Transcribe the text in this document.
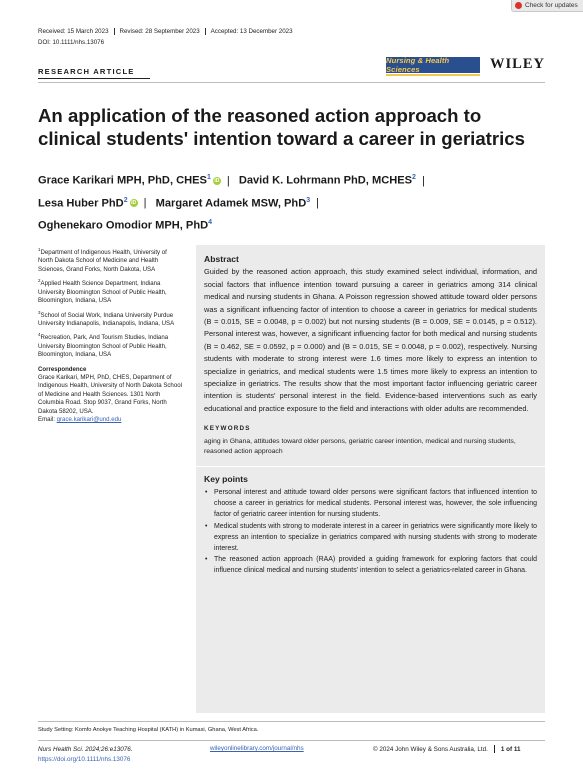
Check for updates
Received: 15 March 2023	Revised: 28 September 2023	Accepted: 13 December 2023
DOI: 10.1111/nhs.13076
RESEARCH ARTICLE
Nursing & Health Sciences	WILEY
An application of the reasoned action approach to clinical students' intention toward a career in geriatrics
Grace Karikari MPH, PhD, CHES$^1$ iD | David K. Lohrmann PhD, MCHES$^2$ |
Lesa Huber PhD$^2$ iD | Margaret Adamek MSW, PhD$^3$ |
Oghenekaro Omodior MPH, PhD$^4$
$^1$Department of Indigenous Health, University of North Dakota School of Medicine and Health Sciences, Grand Forks, North Dakota, USA
$^2$Applied Health Science Department, Indiana University Bloomington School of Public Health, Bloomington, Indiana, USA
$^3$School of Social Work, Indiana University Purdue University Indianapolis, Indianapolis, Indiana, USA
$^4$Recreation, Park, And Tourism Studies, Indiana University Bloomington School of Public Health, Bloomington, Indiana, USA
Correspondence
Grace Karikari, MPH, PhD, CHES, Department of Indigenous Health, University of North Dakota School of Medicine and Health Sciences. 1301 North Columbia Road. Stop 9037, Grand Forks, North Dakota 58202, USA.
Email: grace.karikari@und.edu
Abstract

Guided by the reasoned action approach, this study examined select individual, information, and social factors that influence intention toward pursuing a career in geriatrics among 314 clinical medical and nursing students in Ghana. A Poisson regression showed attitude toward older persons was a significant influencing factor of intention to choose a career in geriatrics for medical students (B = 0.015, SE = 0.0048, p = 0.002) but not nursing students (B = 0.009, SE = 0.0145, p = 0.512). Personal interest was, however, a significant influencing factor for both medical and nursing students (B = 0.462, SE = 0.0592, p = 0.000) and (B = 0.015, SE = 0.0048, p = 0.002), respectively. Nursing students with moderate to strong interest were 1.6 times more likely to express an intention to specialize in geriatrics, and medical students were 1.5 times more likely to express an intention to specialize in geriatrics. The results show that the most important factor influencing geriatric career intention is students' personal interest in the field. Evidence-based interventions such as early educational and practice exposure to the field and interactions with older adults are recommended.

KEYWORDS
aging in Ghana, attitudes toward older persons, geriatric career intention, medical and nursing students, reasoned action approach
Key points
• Personal interest and attitude toward older persons were significant factors that influenced intention to choose a career in geriatrics for medical students. Personal interest was, however, the sole influencing factor of geriatric career intention for nursing students.
• Medical students with strong to moderate interest in a career in geriatrics were significantly more likely to express an intention to specialize in geriatrics compared with nursing students with strong to moderate interest.
• The reasoned action approach (RAA) provided a guiding framework for exploring factors that could influence clinical medical and nursing students' intention to select a geriatrics-related career in Ghana.
Study Setting: Komfo Anokye Teaching Hospital (KATH) in Kumasi, Ghana, West Africa.
Nurs Health Sci. 2024;26:e13076.
https://doi.org/10.1111/nhs.13076
wileyonlinelibrary.com/journal/nhs	© 2024 John Wiley & Sons Australia, Ltd. 1 of 11
